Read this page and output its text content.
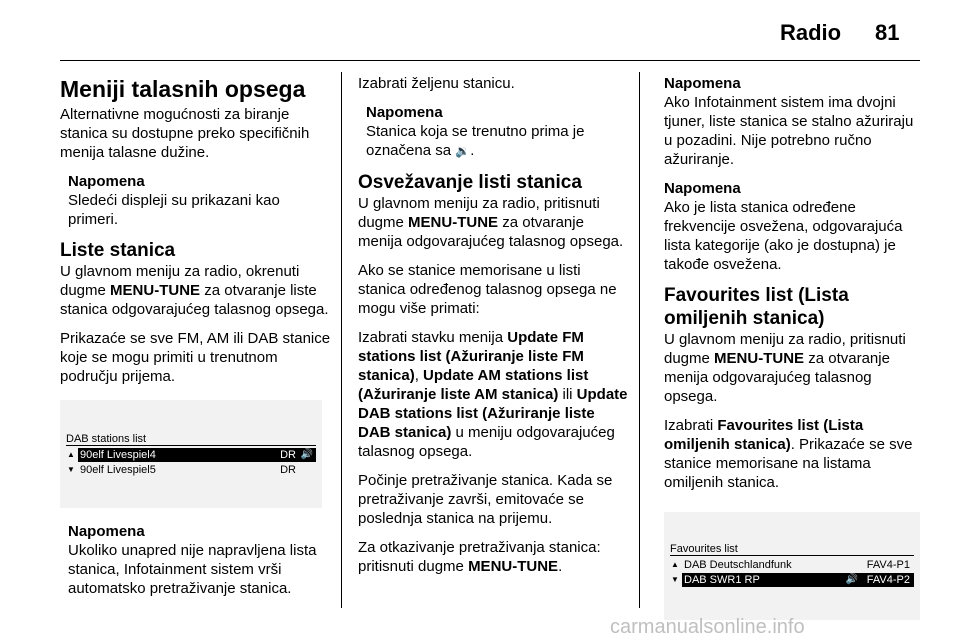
Radio 81
Meniji talasnih opsega

Alternativne mogućnosti za biranje stanica su dostupne preko specifičnih menija talasne dužine.

Napomena
Sledeći displeji su prikazani kao primeri.
Liste stanica

U glavnom meniju za radio, okrenuti dugme MENU-TUNE za otvaranje liste stanica odgovarajućeg talasnog opsega.

Prikazaće se sve FM, AM ili DAB stanice koje se mogu primiti u trenutnom području prijema.

DAB stations list
▲ 90elf Livespiel4	DR 🔊
▼ 90elf Livespiel5	DR
Napomena
Ukoliko unapred nije napravljena lista stanica, Infotainment sistem vrši automatsko pretraživanje stanica.

Izabrati željenu stanicu.

Napomena
Stanica koja se trenutno prima je označena sa 🔉.
Osvežavanje listi stanica

U glavnom meniju za radio, pritisnuti dugme MENU-TUNE za otvaranje menija odgovarajućeg talasnog opsega.

Ako se stanice memorisane u listi stanica određenog talasnog opsega ne mogu više primati:

Izabrati stavku menija Update FM stations list (Ažuriranje liste FM stanica), Update AM stations list (Ažuriranje liste AM stanica) ili Update DAB stations list (Ažuriranje liste DAB stanica) u meniju odgovarajućeg talasnog opsega.

Počinje pretraživanje stanica. Kada se pretraživanje završi, emitovaće se poslednja stanica na prijemu.

Za otkazivanje pretraživanja stanica: pritisnuti dugme MENU-TUNE.

Napomena
Ako Infotainment sistem ima dvojni tjuner, liste stanica se stalno ažuriraju u pozadini. Nije potrebno ručno ažuriranje.
Napomena
Ako je lista stanica određene frekvencije osvežena, odgovarajuća lista kategorije (ako je dostupna) je takođe osvežena.
Favourites list (Lista omiljenih stanica)

U glavnom meniju za radio, pritisnuti dugme MENU-TUNE za otvaranje menija odgovarajućeg talasnog opsega.

Izabrati Favourites list (Lista omiljenih stanica). Prikazaće se sve stanice memorisane na listama omiljenih stanica.

Favourites list
▲ DAB Deutschlandfunk	FAV4-P1
▼ DAB SWR1 RP	🔊 FAV4-P2
carmanualsonline.info
